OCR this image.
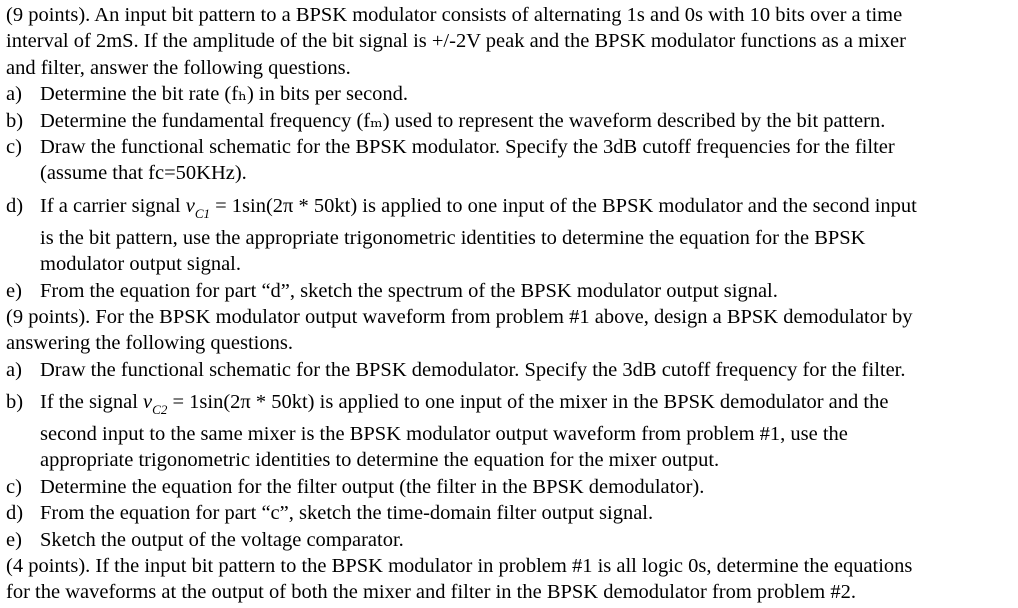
(9 points). An input bit pattern to a BPSK modulator consists of alternating 1s and 0s with 10 bits over a time
interval of 2mS. If the amplitude of the bit signal is +/-2V peak and the BPSK modulator functions as a mixer
and filter, answer the following questions.
a) Determine the bit rate (fₕ) in bits per second.
b) Determine the fundamental frequency (fₘ) used to represent the waveform described by the bit pattern.
c) Draw the functional schematic for the BPSK modulator. Specify the 3dB cutoff frequencies for the filter
(assume that fc=50KHz).
d) If a carrier signal $v_{C1} = 1\sin(2\pi * 50kt)$ is applied to one input of the BPSK modulator and the second input
is the bit pattern, use the appropriate trigonometric identities to determine the equation for the BPSK
modulator output signal.
e) From the equation for part “d”, sketch the spectrum of the BPSK modulator output signal.
(9 points). For the BPSK modulator output waveform from problem #1 above, design a BPSK demodulator by
answering the following questions.
a) Draw the functional schematic for the BPSK demodulator. Specify the 3dB cutoff frequency for the filter.
b) If the signal $v_{C2} = 1\sin(2\pi * 50kt)$ is applied to one input of the mixer in the BPSK demodulator and the
second input to the same mixer is the BPSK modulator output waveform from problem #1, use the
appropriate trigonometric identities to determine the equation for the mixer output.
c) Determine the equation for the filter output (the filter in the BPSK demodulator).
d) From the equation for part “c”, sketch the time-domain filter output signal.
e) Sketch the output of the voltage comparator.
(4 points). If the input bit pattern to the BPSK modulator in problem #1 is all logic 0s, determine the equations
for the waveforms at the output of both the mixer and filter in the BPSK demodulator from problem #2.
